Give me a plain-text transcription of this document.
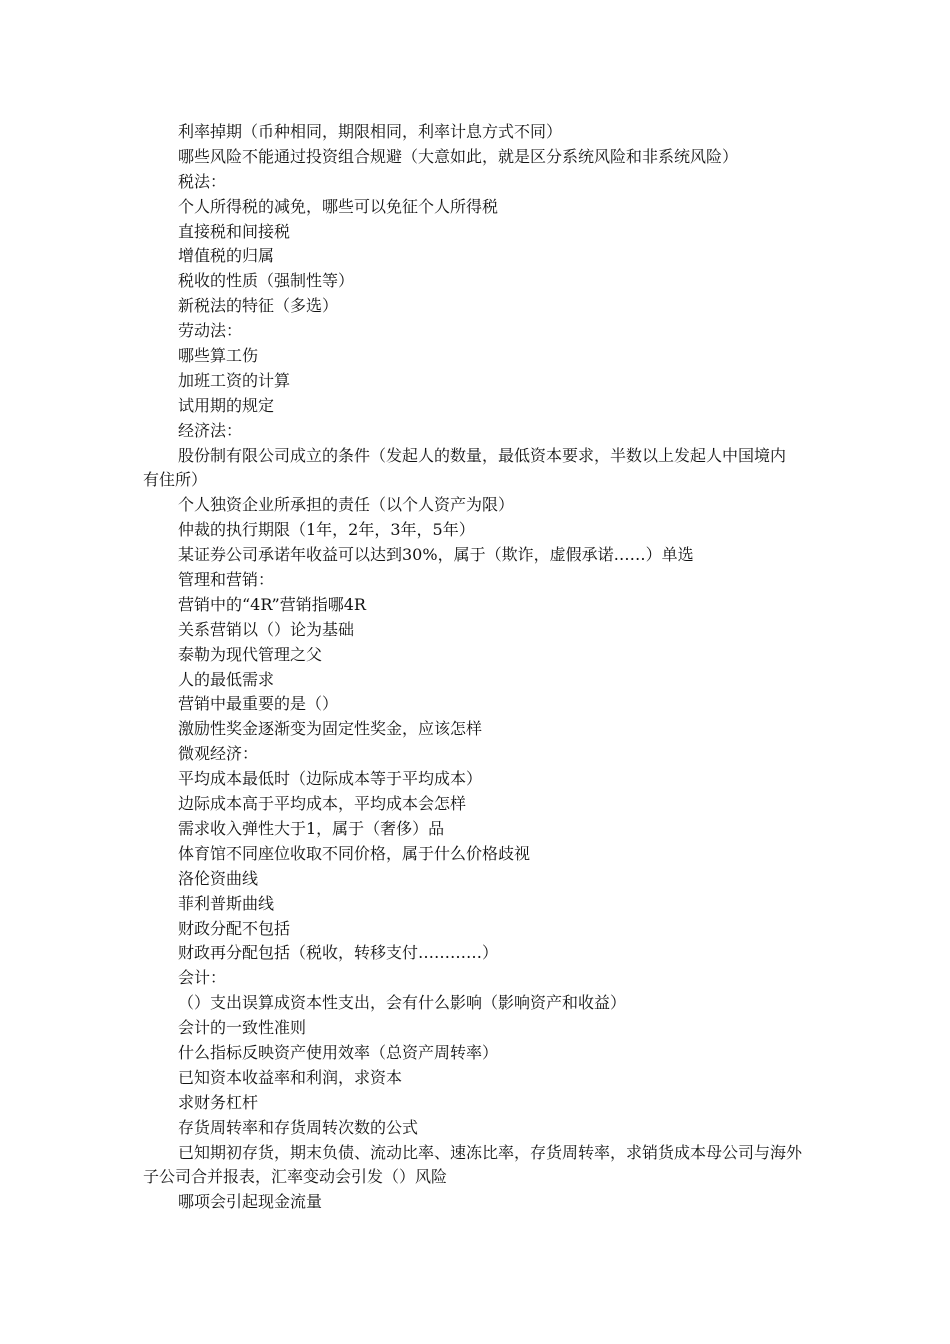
利率掉期（币种相同，期限相同，利率计息方式不同）
哪些风险不能通过投资组合规避（大意如此，就是区分系统风险和非系统风险）
税法：
个人所得税的减免，哪些可以免征个人所得税
直接税和间接税
增值税的归属
税收的性质（强制性等）
新税法的特征（多选）
劳动法：
哪些算工伤
加班工资的计算
试用期的规定
经济法：
股份制有限公司成立的条件（发起人的数量，最低资本要求，半数以上发起人中国境内
有住所）
个人独资企业所承担的责任（以个人资产为限）
仲裁的执行期限（1年，2年，3年，5年）
某证券公司承诺年收益可以达到30%，属于（欺诈，虚假承诺……）单选
管理和营销：
营销中的“4R”营销指哪4R
关系营销以（）论为基础
泰勒为现代管理之父
人的最低需求
营销中最重要的是（）
激励性奖金逐渐变为固定性奖金，应该怎样
微观经济：
平均成本最低时（边际成本等于平均成本）
边际成本高于平均成本，平均成本会怎样
需求收入弹性大于1，属于（奢侈）品
体育馆不同座位收取不同价格，属于什么价格歧视
洛伦资曲线
菲利普斯曲线
财政分配不包括
财政再分配包括（税收，转移支付…………）
会计：
（）支出误算成资本性支出，会有什么影响（影响资产和收益）
会计的一致性准则
什么指标反映资产使用效率（总资产周转率）
已知资本收益率和利润，求资本
求财务杠杆
存货周转率和存货周转次数的公式
已知期初存货，期末负债、流动比率、速冻比率，存货周转率，求销货成本母公司与海外
子公司合并报表，汇率变动会引发（）风险
哪项会引起现金流量
